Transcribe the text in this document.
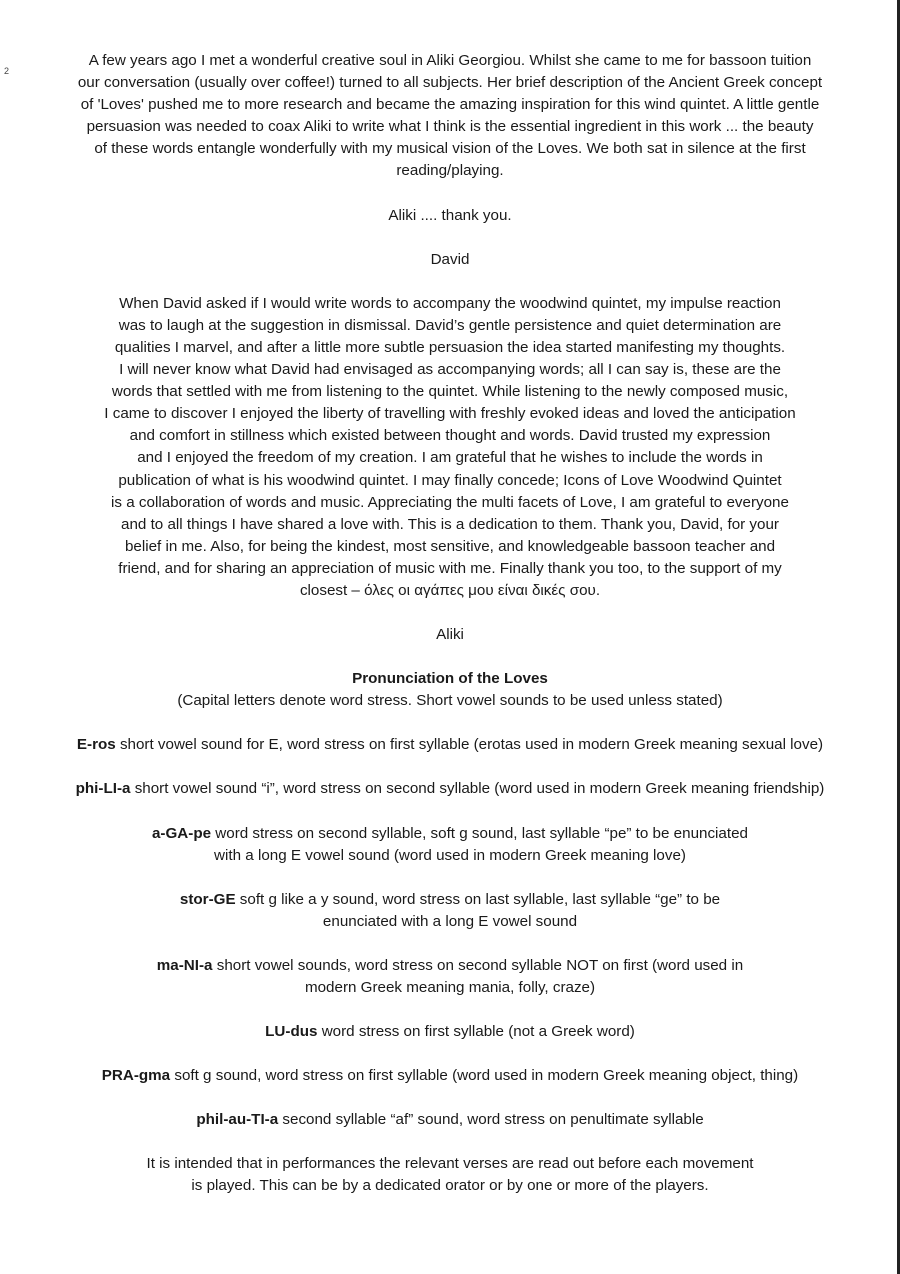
2

A few years ago I met a wonderful creative soul in Aliki Georgiou. Whilst she came to me for bassoon tuition

our conversation (usually over coffee!) turned to all subjects. Her brief description of the Ancient Greek concept

of 'Loves' pushed me to more research and became the amazing inspiration for this wind quintet. A little gentle

persuasion was needed to coax Aliki to write what I think is the essential ingredient in this work ... the beauty

of these words entangle wonderfully with my musical vision of the Loves. We both sat in silence at the first

reading/playing.

Aliki .... thank you.

David

When David asked if I would write words to accompany the woodwind quintet, my impulse reaction

was to laugh at the suggestion in dismissal. David’s gentle persistence and quiet determination are

qualities I marvel, and after a little more subtle persuasion the idea started manifesting my thoughts.

I will never know what David had envisaged as accompanying words; all I can say is, these are the

words that settled with me from listening to the quintet. While listening to the newly composed music,

I came to discover I enjoyed the liberty of travelling with freshly evoked ideas and loved the anticipation

and comfort in stillness which existed between thought and words. David trusted my expression

and I enjoyed the freedom of my creation. I am grateful that he wishes to include the words in

publication of what is his woodwind quintet. I may finally concede; Icons of Love Woodwind Quintet

is a collaboration of words and music. Appreciating the multi facets of Love, I am grateful to everyone

and to all things I have shared a love with. This is a dedication to them. Thank you, David, for your

belief in me. Also, for being the kindest, most sensitive, and knowledgeable bassoon teacher and

friend, and for sharing an appreciation of music with me. Finally thank you too, to the support of my

closest – όλες οι αγάπες μου είναι δικές σου.

Aliki

Pronunciation of the Loves

(Capital letters denote word stress. Short vowel sounds to be used unless stated)

E-ros short vowel sound for E, word stress on first syllable (erotas used in modern Greek meaning sexual love)

phi-LI-a short vowel sound “i”, word stress on second syllable (word used in modern Greek meaning friendship)

a-GA-pe word stress on second syllable, soft g sound, last syllable “pe” to be enunciated

with a long E vowel sound (word used in modern Greek meaning love)

stor-GE soft g like a y sound, word stress on last syllable, last syllable “ge” to be

enunciated with a long E vowel sound

ma-NI-a short vowel sounds, word stress on second syllable NOT on first (word used in

modern Greek meaning mania, folly, craze)

LU-dus word stress on first syllable (not a Greek word)

PRA-gma soft g sound, word stress on first syllable (word used in modern Greek meaning object, thing)

phil-au-TI-a second syllable “af” sound, word stress on penultimate syllable

It is intended that in performances the relevant verses are read out before each movement

is played. This can be by a dedicated orator or by one or more of the players.
